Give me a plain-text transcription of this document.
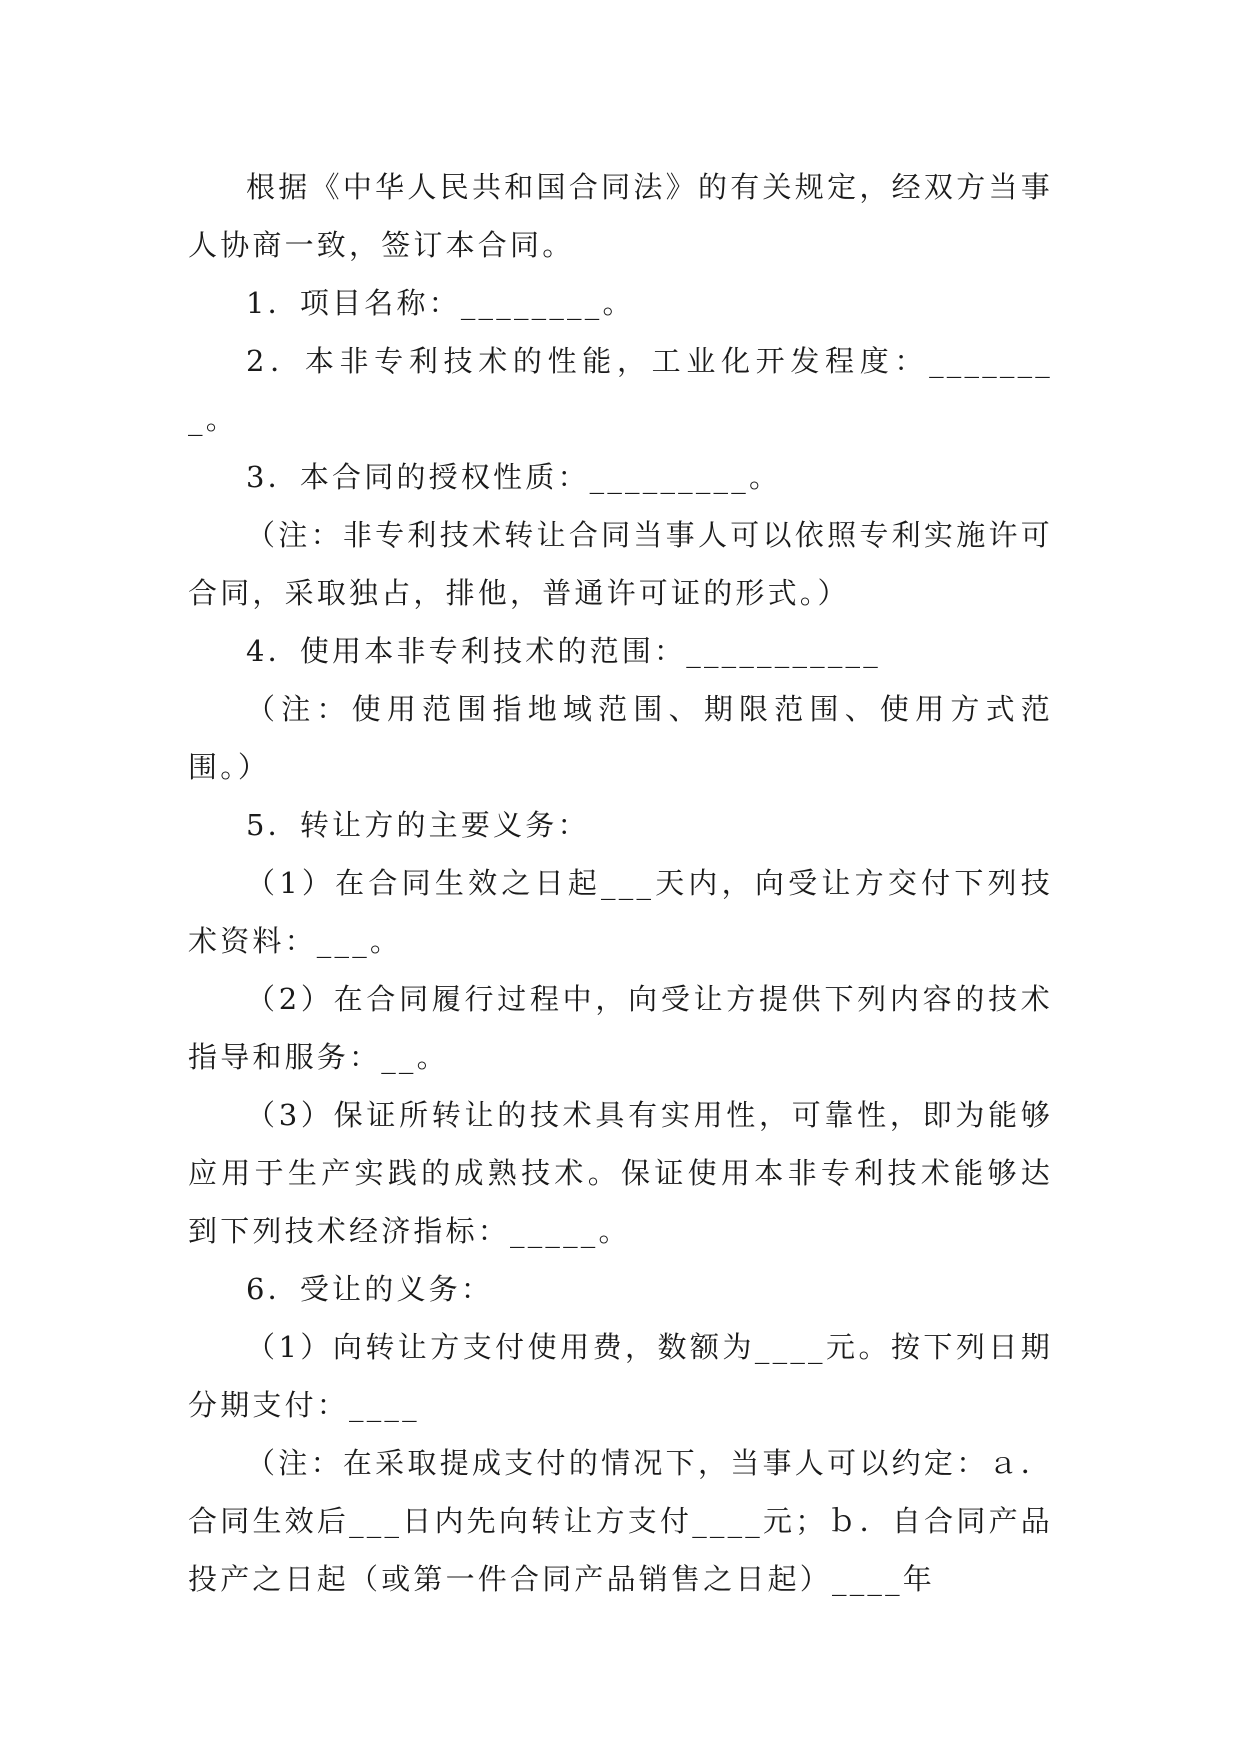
根据《中华人民共和国合同法》的有关规定，经双方当事人协商一致，签订本合同。

1．项目名称：________。

2．本非专利技术的性能，工业化开发程度：________。

3．本合同的授权性质：_________。

（注：非专利技术转让合同当事人可以依照专利实施许可合同，采取独占，排他，普通许可证的形式。）

4．使用本非专利技术的范围：___________

（注：使用范围指地域范围、期限范围、使用方式范围。）

5．转让方的主要义务：

（1）在合同生效之日起___天内，向受让方交付下列技术资料：___。

（2）在合同履行过程中，向受让方提供下列内容的技术指导和服务：__。

（3）保证所转让的技术具有实用性，可靠性，即为能够应用于生产实践的成熟技术。保证使用本非专利技术能够达到下列技术经济指标：_____。

6．受让的义务：

（1）向转让方支付使用费，数额为____元。按下列日期分期支付：____

（注：在采取提成支付的情况下，当事人可以约定：ａ．合同生效后___日内先向转让方支付____元；ｂ．自合同产品投产之日起（或第一件合同产品销售之日起）____年
